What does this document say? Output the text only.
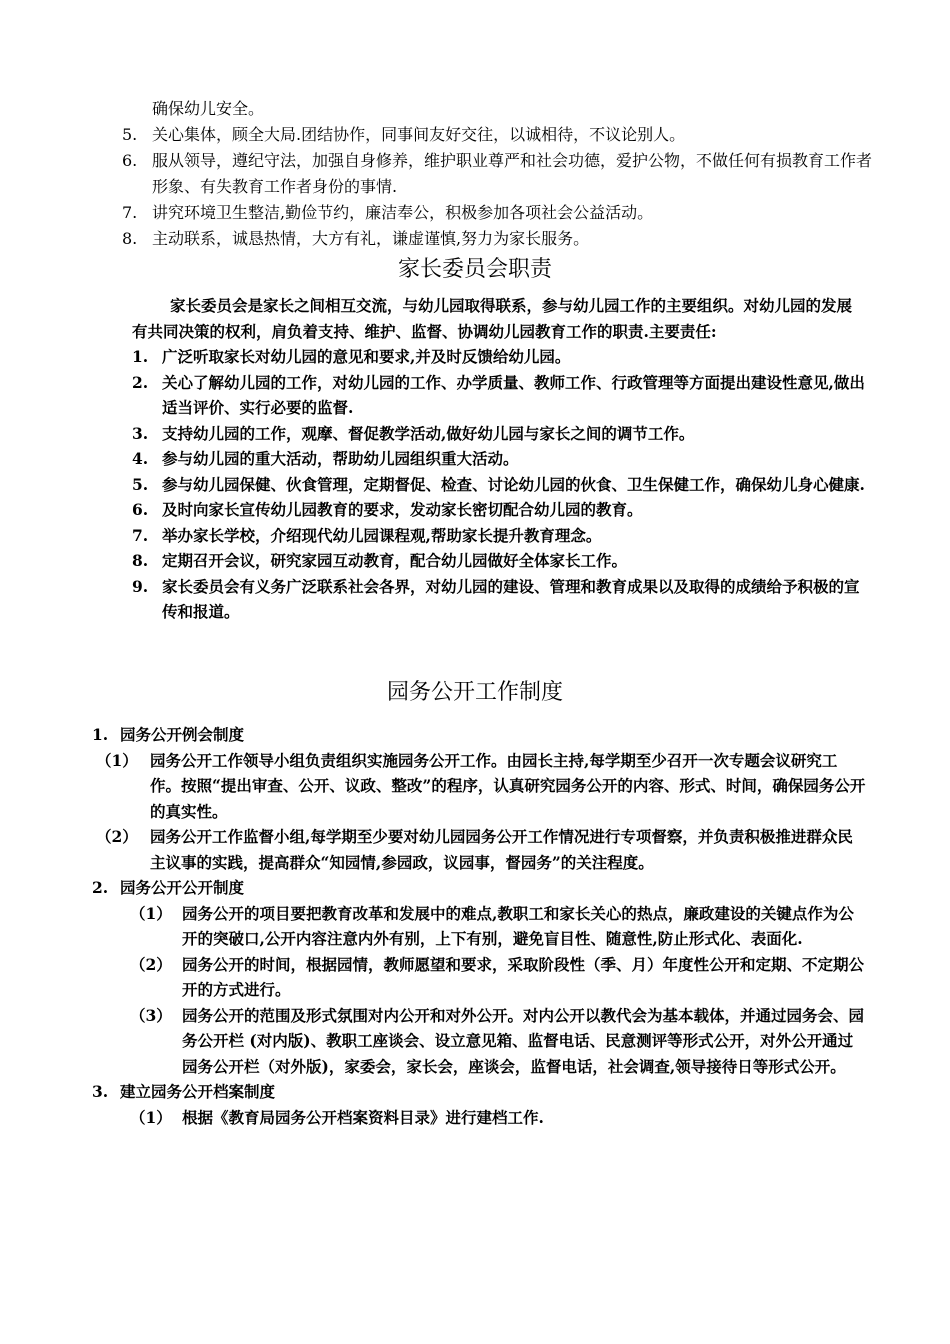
确保幼儿安全。
5. 关心集体，顾全大局.团结协作，同事间友好交往，以诚相待，不议论别人。
6. 服从领导，遵纪守法，加强自身修养，维护职业尊严和社会功德，爱护公物，不做任何有损教育工作者形象、有失教育工作者身份的事情.
7. 讲究环境卫生整洁,勤俭节约，廉洁奉公，积极参加各项社会公益活动。
8. 主动联系，诚恳热情，大方有礼，谦虚谨慎,努力为家长服务。
家长委员会职责

家长委员会是家长之间相互交流，与幼儿园取得联系，参与幼儿园工作的主要组织。对幼儿园的发展有共同决策的权利，肩负着支持、维护、监督、协调幼儿园教育工作的职责.主要责任:

1. 广泛听取家长对幼儿园的意见和要求,并及时反馈给幼儿园。
2. 关心了解幼儿园的工作，对幼儿园的工作、办学质量、教师工作、行政管理等方面提出建设性意见,做出适当评价、实行必要的监督.
3. 支持幼儿园的工作，观摩、督促教学活动,做好幼儿园与家长之间的调节工作。
4. 参与幼儿园的重大活动，帮助幼儿园组织重大活动。
5. 参与幼儿园保健、伙食管理，定期督促、检查、讨论幼儿园的伙食、卫生保健工作，确保幼儿身心健康.
6. 及时向家长宣传幼儿园教育的要求，发动家长密切配合幼儿园的教育。
7. 举办家长学校，介绍现代幼儿园课程观,帮助家长提升教育理念。
8. 定期召开会议，研究家园互动教育，配合幼儿园做好全体家长工作。
9. 家长委员会有义务广泛联系社会各界，对幼儿园的建设、管理和教育成果以及取得的成绩给予积极的宣传和报道。
园务公开工作制度
1. 园务公开例会制度
（1） 园务公开工作领导小组负责组织实施园务公开工作。由园长主持,每学期至少召开一次专题会议研究工作。按照“提出审查、公开、议政、整改”的程序，认真研究园务公开的内容、形式、时间，确保园务公开的真实性。
（2） 园务公开工作监督小组,每学期至少要对幼儿园园务公开工作情况进行专项督察，并负责积极推进群众民主议事的实践，提高群众“知园情,参园政，议园事，督园务”的关注程度。
2. 园务公开公开制度
（1） 园务公开的项目要把教育改革和发展中的难点,教职工和家长关心的热点，廉政建设的关键点作为公开的突破口,公开内容注意内外有别，上下有别，避免盲目性、随意性,防止形式化、表面化.
（2） 园务公开的时间，根据园情，教师愿望和要求，采取阶段性（季、月）年度性公开和定期、不定期公开的方式进行。
（3） 园务公开的范围及形式氛围对内公开和对外公开。对内公开以教代会为基本载体，并通过园务会、园务公开栏 (对内版)、教职工座谈会、设立意见箱、监督电话、民意测评等形式公开，对外公开通过园务公开栏（对外版)，家委会，家长会，座谈会，监督电话，社会调查,领导接待日等形式公开。
3. 建立园务公开档案制度
（1） 根据《教育局园务公开档案资料目录》进行建档工作.
